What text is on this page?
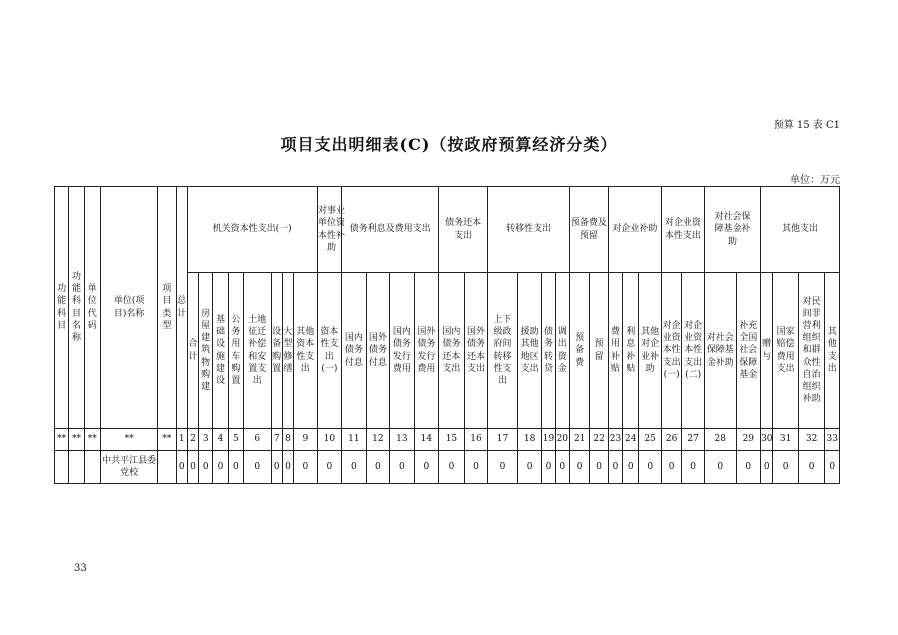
预算 15 表 C1
项目支出明细表(C)（按政府预算经济分类）
单位：万元
功能科目	功能科目名称	单位代码	单位(项目)名称	项目类型	总计	机关资本性支出(一)								对事业单位资本性补助	债务利息及费用支出				债务还本支出		转移性支出				预备费及预留		对企业补助			对企业资本性支出		对社会保障基金补助		其他支出			
						合计	房屋建筑物购建	基础设施建设	公务用车购置	土地征迁补偿和安置支出	设备购置	大型修缮	其他资本性支出	资本性支出(一)	国内债务付息	国外债务付息	国内债务发行费用	国外债务发行费用	国内债务还本支出	国外债务还本支出	上下级政府间转移性支出	援助其他地区支出	债务转贷	调出资金	预备费	预留	费用补贴	利息补贴	其他对企业补助	对企业资本性支出(一)	对企业资本性支出(二)	对社会保障基金补助	补充全国社会保障基金	赠与	国家赔偿费用支出	对民间非营利组织和群众性自治组织补助	其他支出
**	**	**	**	**	1	2	3	4	5	6	7	8	9	10	11	12	13	14	15	16	17	18	19	20	21	22	23	24	25	26	27	28	29	30	31	32	33
			中共平江县委党校		0	0	0	0	0	0	0	0	0	0	0	0	0	0	0	0	0	0	0	0	0	0	0	0	0	0	0	0	0	0	0	0	0
33
